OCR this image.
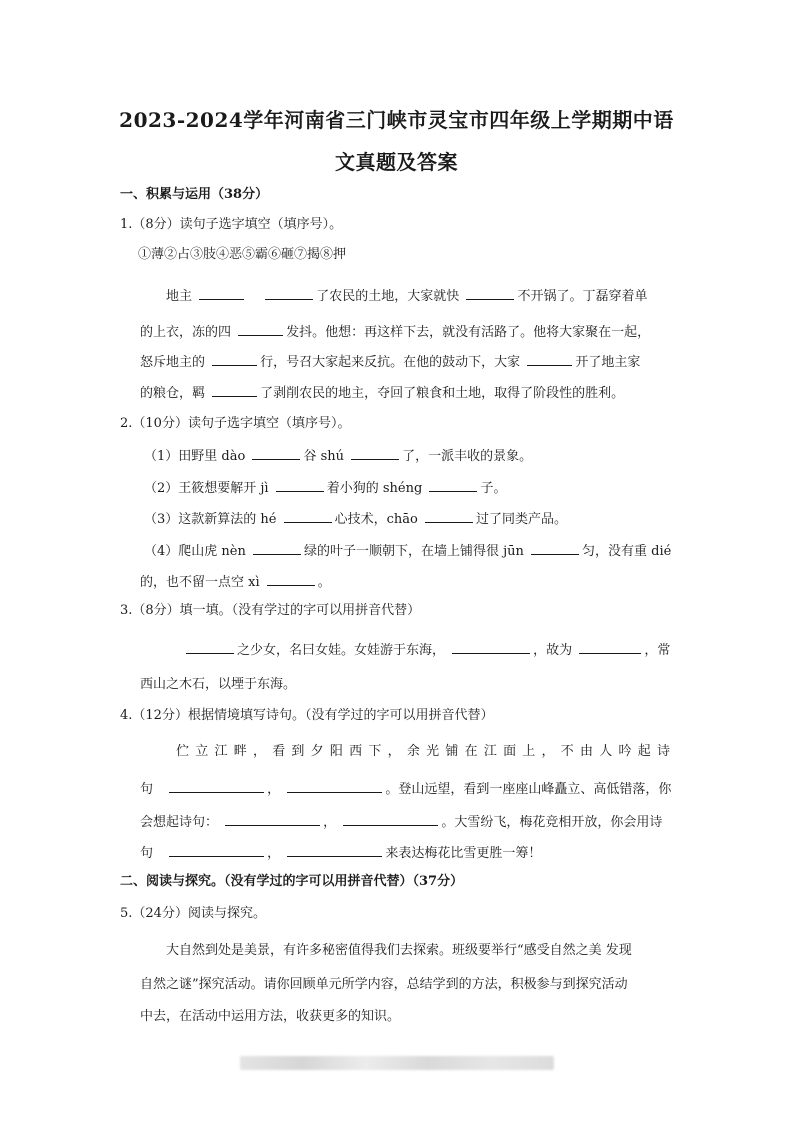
2023-2024学年河南省三门峡市灵宝市四年级上学期期中语
文真题及答案
一、积累与运用（38分）
1.（8分）读句子选字填空（填序号）。
①薄②占③肢④恶⑤霸⑥砸⑦揭⑧押
地主	了农民的土地，大家就快	不开锅了。丁磊穿着单
的上衣，冻的四	发抖。他想：再这样下去，就没有活路了。他将大家聚在一起，
怒斥地主的	行，号召大家起来反抗。在他的鼓动下，大家	开了地主家
的粮仓，羁	了剥削农民的地主，夺回了粮食和土地，取得了阶段性的胜利。
2.（10分）读句子选字填空（填序号）。
（1）田野里 dào	谷 shú	了，一派丰收的景象。
（2）王筱想要解开 jì	着小狗的 shéng	子。
（3）这款新算法的 hé	心技术，chāo	过了同类产品。
（4）爬山虎 nèn	绿的叶子一顺朝下，在墙上铺得很 jūn	匀，没有重 dié
的，也不留一点空 xì	。
3.（8分）填一填。（没有学过的字可以用拼音代替）
之少女，名曰女娃。女娃游于东海，	，故为	，常
西山之木石，以堙于东海。
4.（12分）根据情境填写诗句。（没有学过的字可以用拼音代替）
伫立江畔，看到夕阳西下，余光铺在江面上，不由人吟起诗
句	，	。登山远望，看到一座座山峰矗立、高低错落，你
会想起诗句：	，	。大雪纷飞，梅花竞相开放，你会用诗
句	，	来表达梅花比雪更胜一筹！
二、阅读与探究。（没有学过的字可以用拼音代替）（37分）
5.（24分）阅读与探究。
大自然到处是美景，有许多秘密值得我们去探索。班级要举行“感受自然之美 发现
自然之谜”探究活动。请你回顾单元所学内容，总结学到的方法，积极参与到探究活动
中去，在活动中运用方法，收获更多的知识。
